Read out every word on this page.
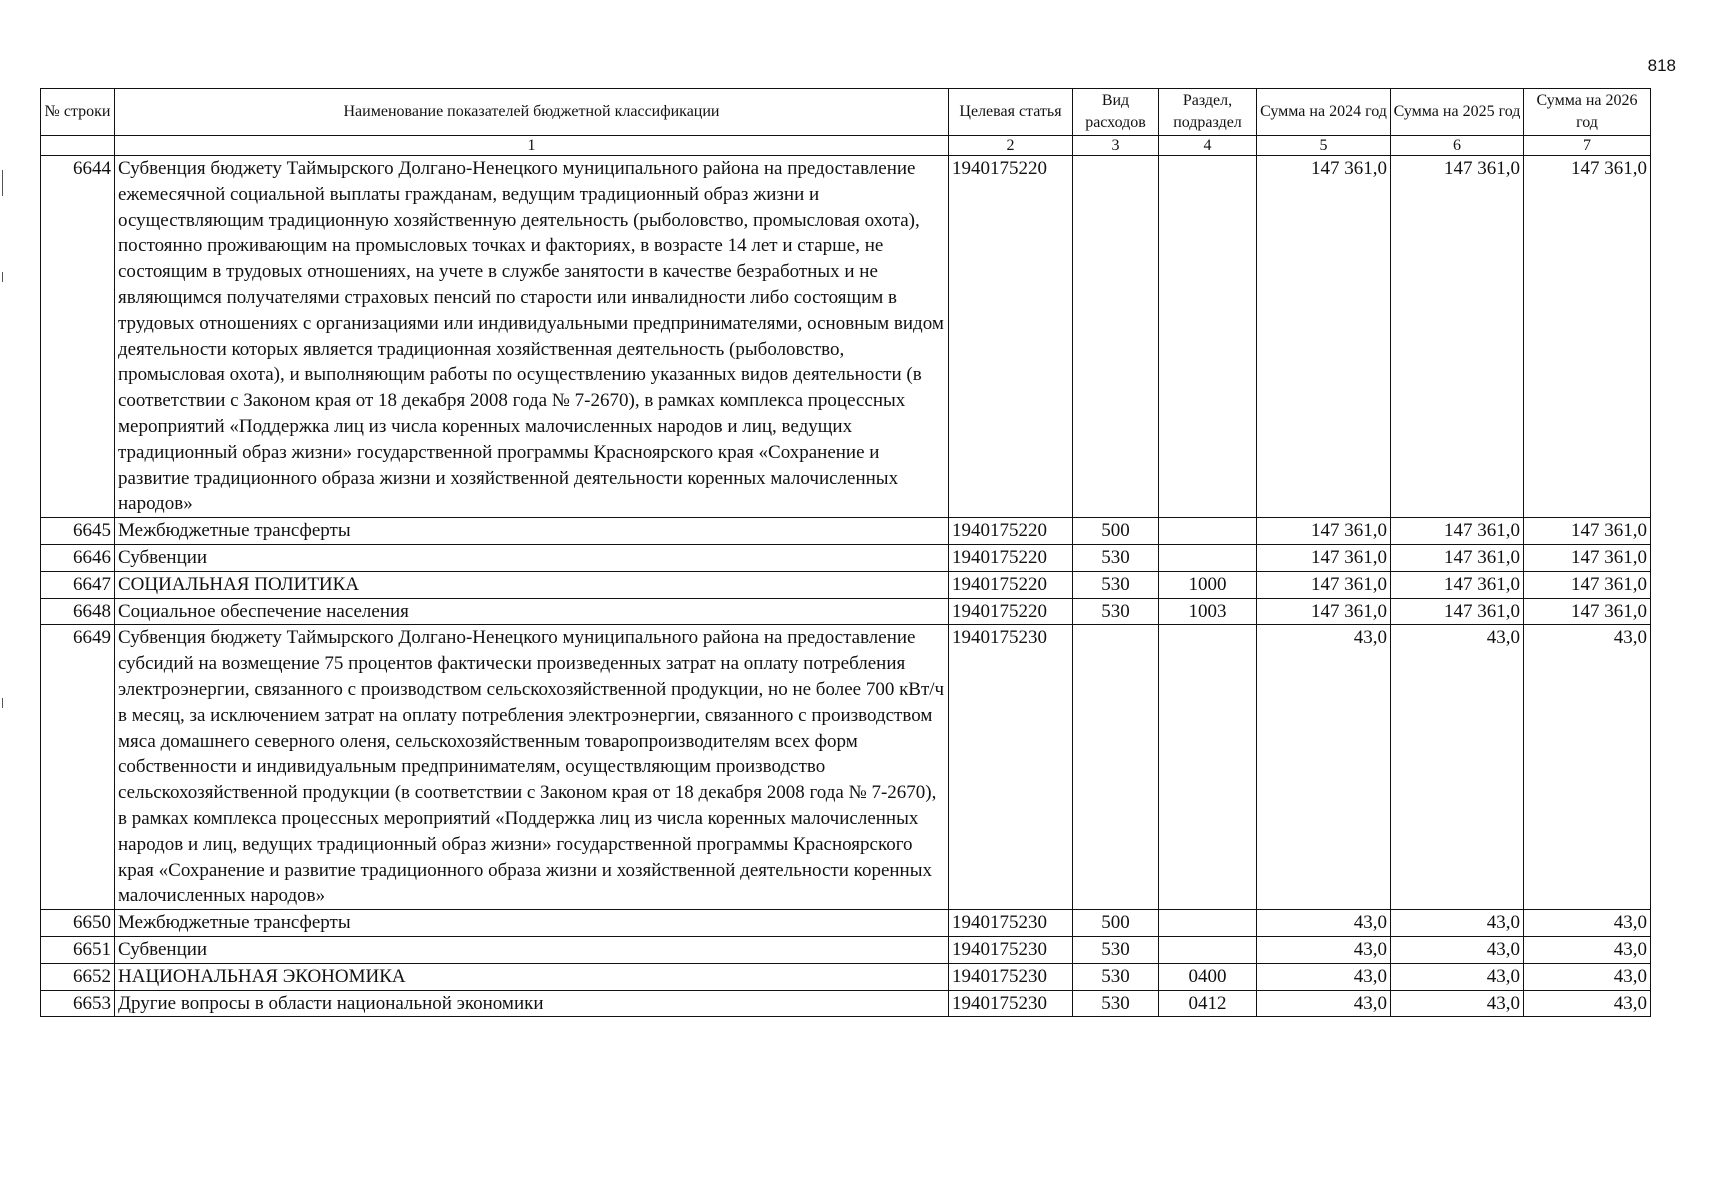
818
№ строки	Наименование показателей бюджетной классификации	Целевая статья	Вид расходов	Раздел, подраздел	Сумма на 2024 год	Сумма на 2025 год	Сумма на 2026 год
	1	2	3	4	5	6	7
6644	Субвенция бюджету Таймырского Долгано-Ненецкого муниципального района на предоставление ежемесячной социальной выплаты гражданам, ведущим традиционный образ жизни и осуществляющим традиционную хозяйственную деятельность (рыболовство, промысловая охота), постоянно проживающим на промысловых точках и факториях, в возрасте 14 лет и старше, не состоящим в трудовых отношениях, на учете в службе занятости в качестве безработных и не являющимся получателями страховых пенсий по старости или инвалидности либо состоящим в трудовых отношениях с организациями или индивидуальными предпринимателями, основным видом деятельности которых является традиционная хозяйственная деятельность (рыболовство, промысловая охота), и выполняющим работы по осуществлению указанных видов деятельности (в соответствии с Законом края от 18 декабря 2008 года № 7-2670), в рамках комплекса процессных мероприятий «Поддержка лиц из числа коренных малочисленных народов и лиц, ведущих традиционный образ жизни» государственной программы Красноярского края «Сохранение и развитие традиционного образа жизни и хозяйственной деятельности коренных малочисленных народов»	1940175220			147 361,0	147 361,0	147 361,0
6645	Межбюджетные трансферты	1940175220	500		147 361,0	147 361,0	147 361,0
6646	Субвенции	1940175220	530		147 361,0	147 361,0	147 361,0
6647	СОЦИАЛЬНАЯ ПОЛИТИКА	1940175220	530	1000	147 361,0	147 361,0	147 361,0
6648	Социальное обеспечение населения	1940175220	530	1003	147 361,0	147 361,0	147 361,0
6649	Субвенция бюджету Таймырского Долгано-Ненецкого муниципального района на предоставление субсидий на возмещение 75 процентов фактически произведенных затрат на оплату потребления электроэнергии, связанного с производством сельскохозяйственной продукции, но не более 700 кВт/ч в месяц, за исключением затрат на оплату потребления электроэнергии, связанного с производством мяса домашнего северного оленя, сельскохозяйственным товаропроизводителям всех форм собственности и индивидуальным предпринимателям, осуществляющим производство сельскохозяйственной продукции (в соответствии с Законом края от 18 декабря 2008 года № 7-2670), в рамках комплекса процессных мероприятий «Поддержка лиц из числа коренных малочисленных народов и лиц, ведущих традиционный образ жизни» государственной программы Красноярского края «Сохранение и развитие традиционного образа жизни и хозяйственной деятельности коренных малочисленных народов»	1940175230			43,0	43,0	43,0
6650	Межбюджетные трансферты	1940175230	500		43,0	43,0	43,0
6651	Субвенции	1940175230	530		43,0	43,0	43,0
6652	НАЦИОНАЛЬНАЯ ЭКОНОМИКА	1940175230	530	0400	43,0	43,0	43,0
6653	Другие вопросы в области национальной экономики	1940175230	530	0412	43,0	43,0	43,0
